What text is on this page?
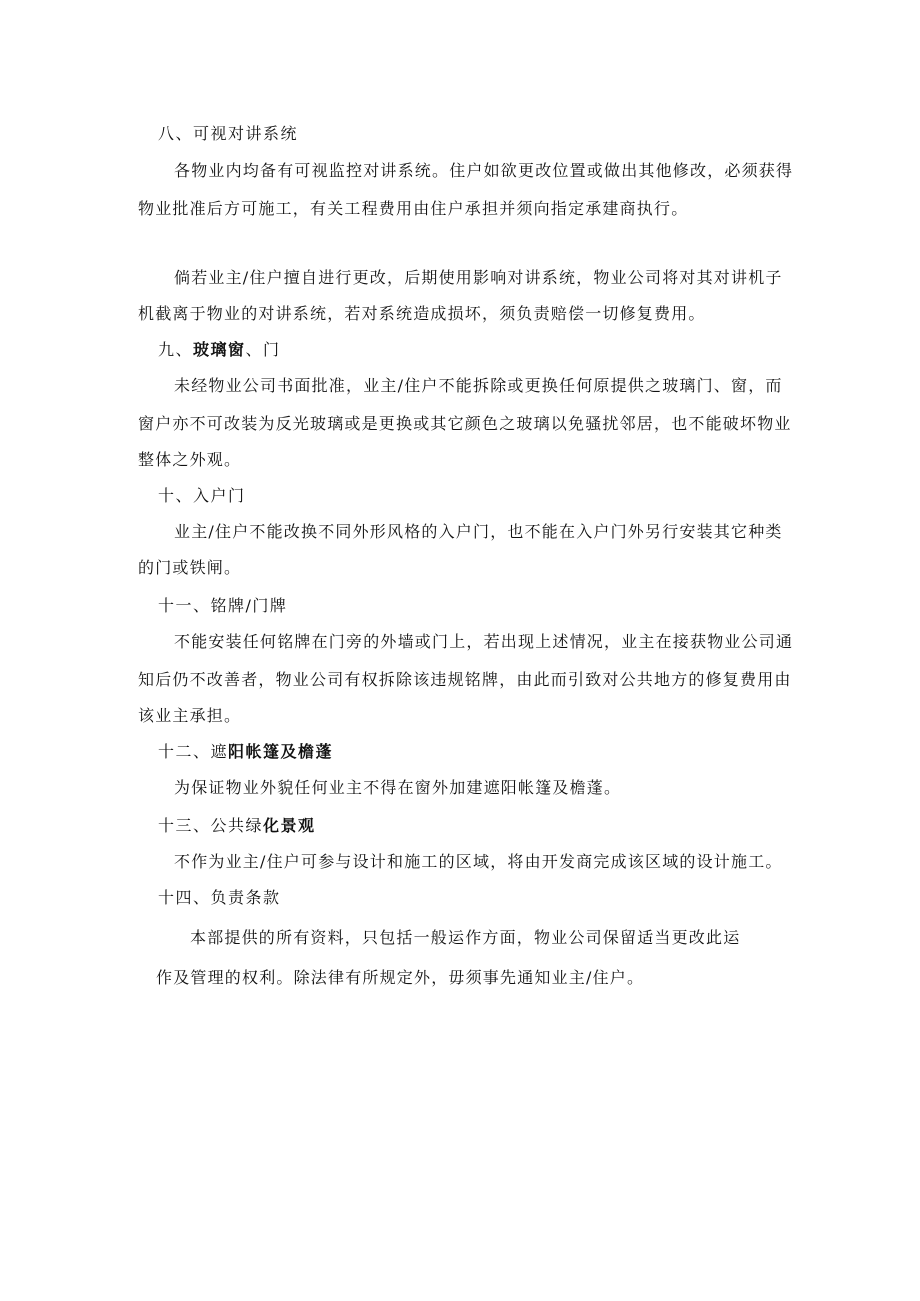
八、可视对讲系统
各物业内均备有可视监控对讲系统。住户如欲更改位置或做出其他修改，必须获得
物业批准后方可施工，有关工程费用由住户承担并须向指定承建商执行。
倘若业主/住户擅自进行更改，后期使用影响对讲系统，物业公司将对其对讲机子
机截离于物业的对讲系统，若对系统造成损坏，须负责赔偿一切修复费用。
九、玻璃窗、门
未经物业公司书面批准，业主/住户不能拆除或更换任何原提供之玻璃门、窗，而
窗户亦不可改装为反光玻璃或是更换或其它颜色之玻璃以免骚扰邻居，也不能破坏物业
整体之外观。
十、入户门
业主/住户不能改换不同外形风格的入户门，也不能在入户门外另行安装其它种类
的门或铁闸。
十一、铭牌/门牌
不能安装任何铭牌在门旁的外墙或门上，若出现上述情况，业主在接获物业公司通
知后仍不改善者，物业公司有权拆除该违规铭牌，由此而引致对公共地方的修复费用由
该业主承担。
十二、遮阳帐篷及檐蓬
为保证物业外貌任何业主不得在窗外加建遮阳帐篷及檐蓬。
十三、公共绿化景观
不作为业主/住户可参与设计和施工的区域，将由开发商完成该区域的设计施工。
十四、负责条款
本部提供的所有资料，只包括一般运作方面，物业公司保留适当更改此运
作及管理的权利。除法律有所规定外，毋须事先通知业主/住户。
